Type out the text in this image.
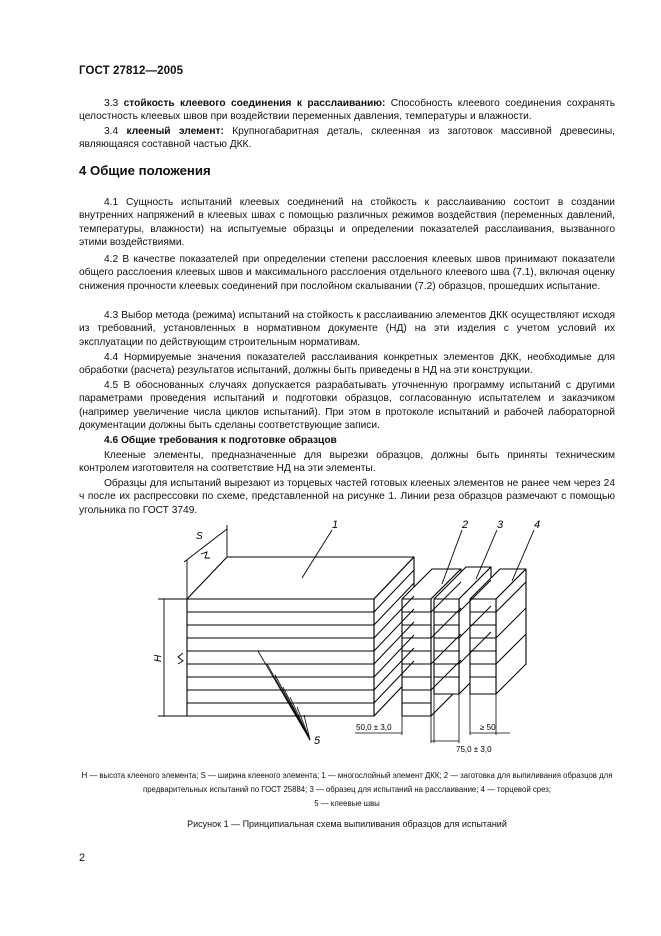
ГОСТ 27812—2005

3.3 стойкость клеевого соединения к расслаиванию: Способность клеевого соединения сохранять целостность клеевых швов при воздействии переменных давления, температуры и влажности.

3.4 клееный элемент: Крупногабаритная деталь, склеенная из заготовок массивной древесины, являющаяся составной частью ДКК.

4 Общие положения

4.1 Сущность испытаний клеевых соединений на стойкость к расслаиванию состоит в создании внутренних напряжений в клеевых швах с помощью различных режимов воздействия (переменных давлений, температуры, влажности) на испытуемые образцы и определении показателей расслаивания, вызванного этими воздействиями.

4.2 В качестве показателей при определении степени расслоения клеевых швов принимают показатели общего расслоения клеевых швов и максимального расслоения отдельного клеевого шва (7.1), включая оценку снижения прочности клеевых соединений при послойном скалывании (7.2) образцов, прошедших испытание.

4.3 Выбор метода (режима) испытаний на стойкость к расслаиванию элементов ДКК осуществляют исходя из требований, установленных в нормативном документе (НД) на эти изделия с учетом условий их эксплуатации по действующим строительным нормативам.

4.4 Нормируемые значения показателей расслаивания конкретных элементов ДКК, необходимые для обработки (расчета) результатов испытаний, должны быть приведены в НД на эти конструкции.

4.5 В обоснованных случаях допускается разрабатывать уточненную программу испытаний с другими параметрами проведения испытаний и подготовки образцов, согласованную испытателем и заказчиком (например увеличение числа циклов испытаний). При этом в протоколе испытаний и рабочей лабораторной документации должны быть сделаны соответствующие записи.

4.6 Общие требования к подготовке образцов

Клееные элементы, предназначенные для вырезки образцов, должны быть приняты техническим контролем изготовителя на соответствие НД на эти элементы.

Образцы для испытаний вырезают из торцевых частей готовых клееных элементов не ранее чем через 24 ч после их распрессовки по схеме, представленной на рисунке 1. Линии реза образцов размечают с помощью угольника по ГОСТ 3749.

S
H
1	2	3	4
5
50,0 ± 3,0	≥ 50
75,0 ± 3,0
H — высота клееного элемента; S — ширина клееного элемента; 1 — многослойный элемент ДКК; 2 — заготовка для выпиливания образцов для предварительных испытаний по ГОСТ 25884; 3 — образец для испытаний на расслаивание; 4 — торцевой срез;
5 — клеевые швы
Рисунок 1 — Принципиальная схема выпиливания образцов для испытаний
2
